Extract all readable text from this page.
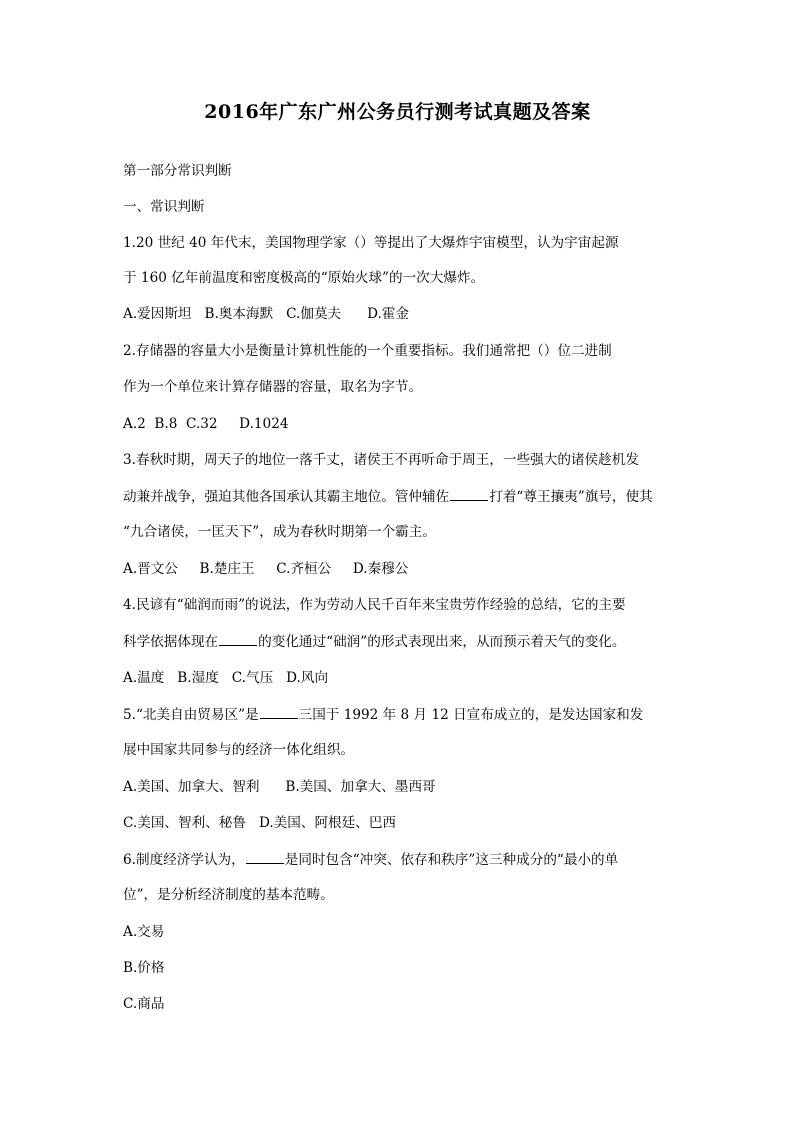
2016年广东广州公务员行测考试真题及答案
第一部分常识判断
一、常识判断
1.20 世纪 40 年代末，美国物理学家（）等提出了大爆炸宇宙模型，认为宇宙起源
于 160 亿年前温度和密度极高的“原始火球”的一次大爆炸。
A.爱因斯坦   B.奥本海默   C.伽莫夫      D.霍金
2.存储器的容量大小是衡量计算机性能的一个重要指标。我们通常把（）位二进制
作为一个单位来计算存储器的容量，取名为字节。
A.2  B.8  C.32     D.1024
3.春秋时期，周天子的地位一落千丈，诸侯王不再听命于周王，一些强大的诸侯趁机发
动兼并战争，强迫其他各国承认其霸主地位。管仲辅佐	打着“尊王攘夷”旗号，使其
“九合诸侯，一匡天下”，成为春秋时期第一个霸主。
A.晋文公     B.楚庄王     C.齐桓公     D.秦穆公
4.民谚有“础润而雨”的说法，作为劳动人民千百年来宝贵劳作经验的总结，它的主要
科学依据体现在	的变化通过“础润”的形式表现出来，从而预示着天气的变化。
A.温度   B.湿度   C.气压   D.风向
5.“北美自由贸易区”是	三国于 1992 年 8 月 12 日宣布成立的，是发达国家和发
展中国家共同参与的经济一体化组织。
A.美国、加拿大、智利      B.美国、加拿大、墨西哥
C.美国、智利、秘鲁   D.美国、阿根廷、巴西
6.制度经济学认为，	是同时包含“冲突、依存和秩序”这三种成分的“最小的单
位”，是分析经济制度的基本范畴。
A.交易
B.价格
C.商品
